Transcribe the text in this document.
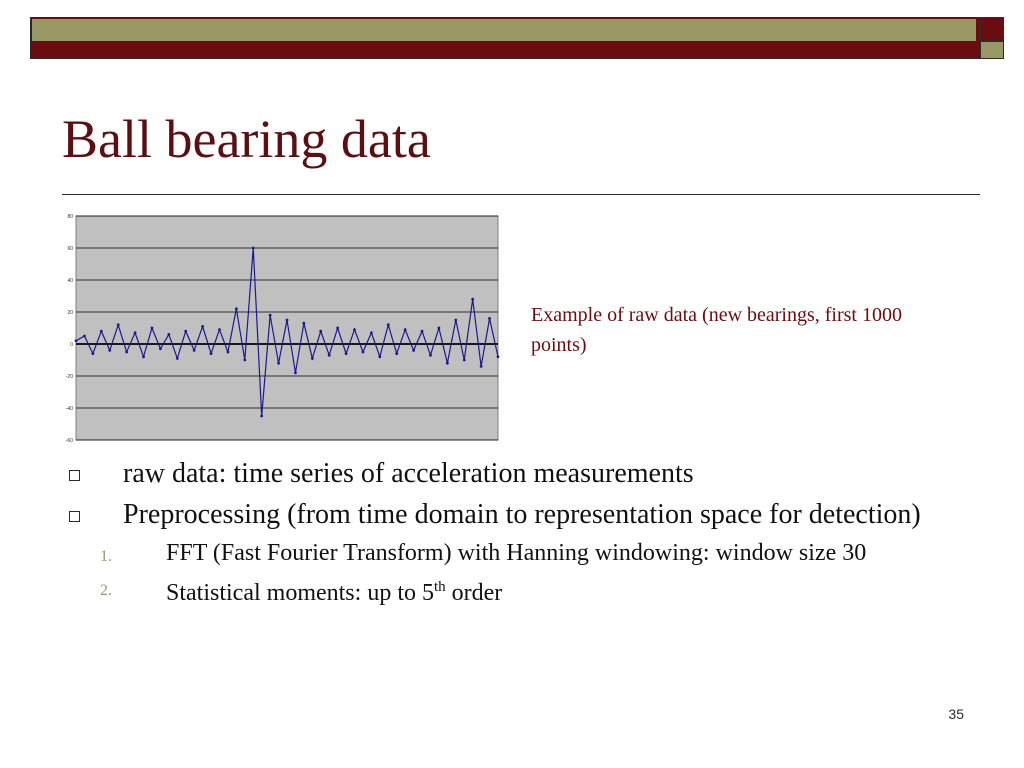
Ball bearing data
80
60
40
20
0
-20
-40
-60
Example of raw data (new bearings, first 1000 points)
raw data: time series of acceleration measurements
Preprocessing (from time domain to representation space for detection)
1. FFT (Fast Fourier Transform) with Hanning windowing: window size 30
2. Statistical moments: up to 5th order
35
